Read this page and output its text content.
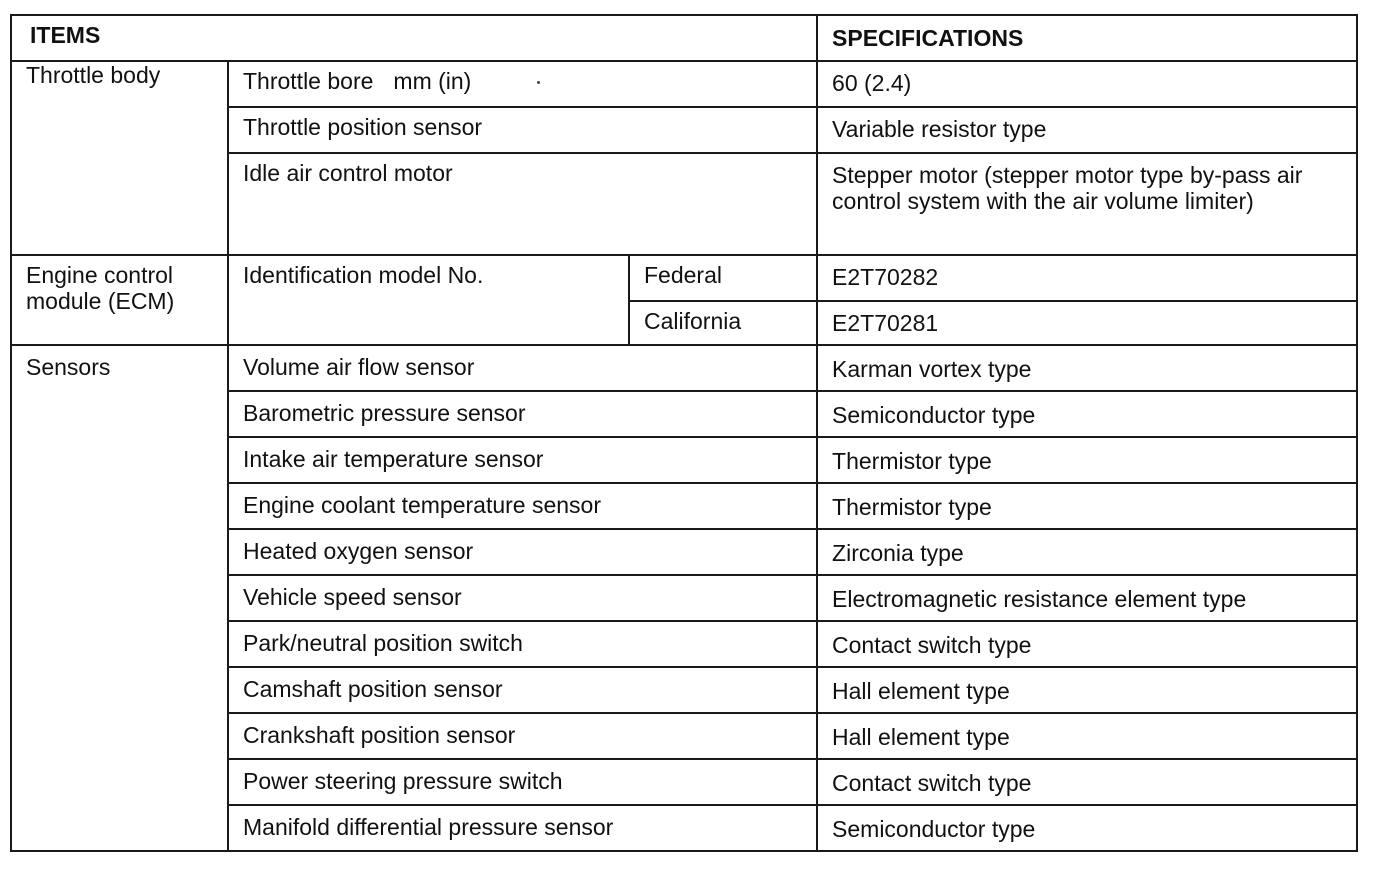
ITEMS			SPECIFICATIONS
Throttle body	Throttle bore mm (in)		60 (2.4)
	Throttle position sensor		Variable resistor type
	Idle air control motor		Stepper motor (stepper motor type by-pass air control system with the air volume limiter)
Engine control module (ECM)	Identification model No.	Federal	E2T70282
		California	E2T70281
Sensors	Volume air flow sensor		Karman vortex type
	Barometric pressure sensor		Semiconductor type
	Intake air temperature sensor		Thermistor type
	Engine coolant temperature sensor		Thermistor type
	Heated oxygen sensor		Zirconia type
	Vehicle speed sensor		Electromagnetic resistance element type
	Park/neutral position switch		Contact switch type
	Camshaft position sensor		Hall element type
	Crankshaft position sensor		Hall element type
	Power steering pressure switch		Contact switch type
	Manifold differential pressure sensor		Semiconductor type
